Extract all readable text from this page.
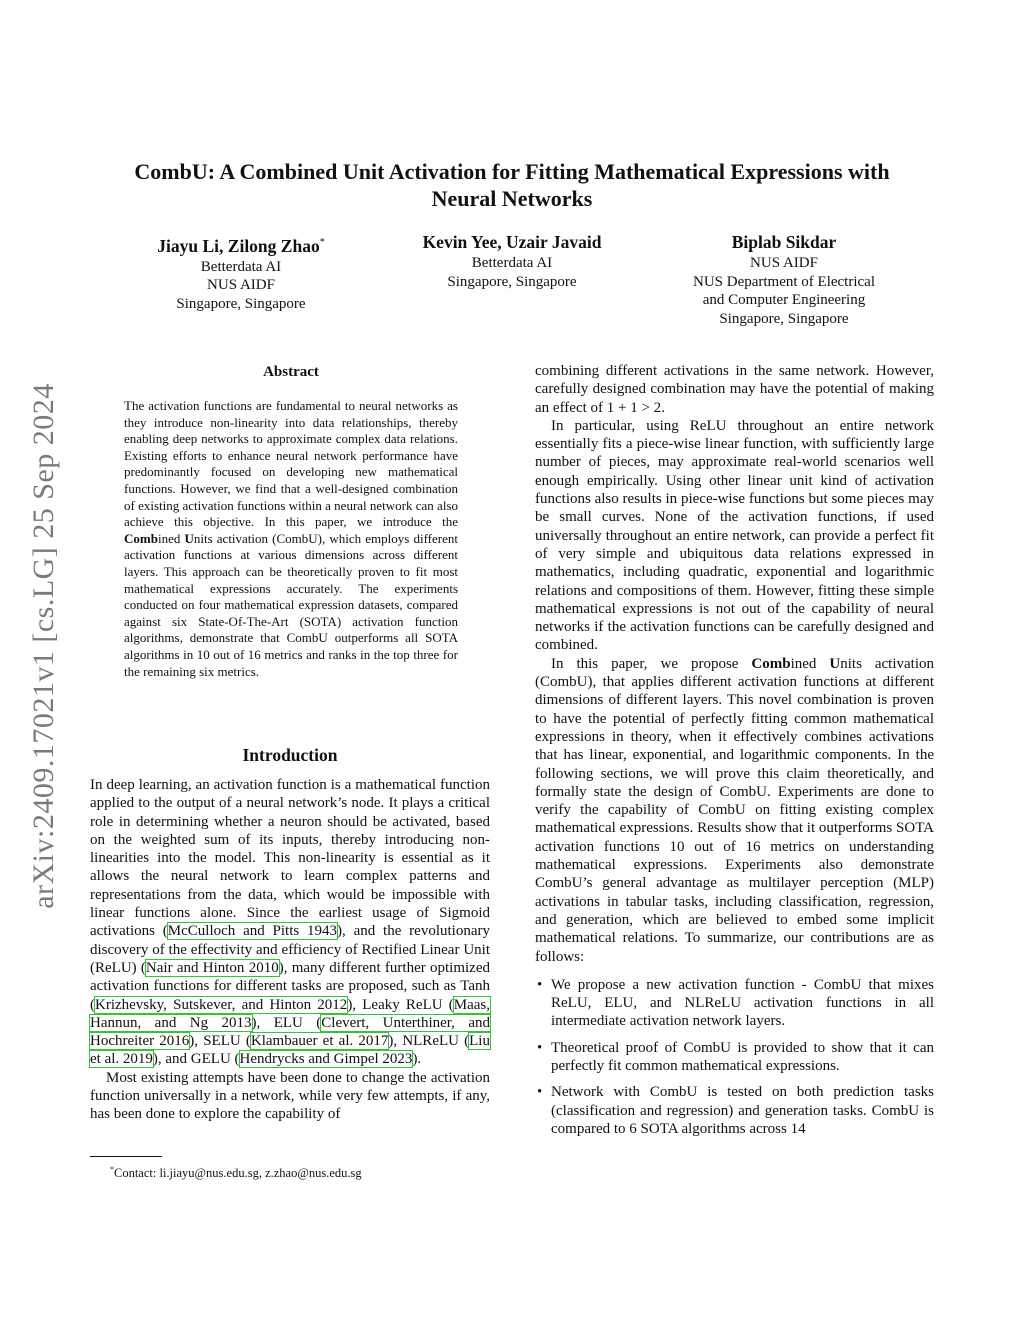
arXiv:2409.17021v1 [cs.LG] 25 Sep 2024
CombU: A Combined Unit Activation for Fitting Mathematical Expressions with
Neural Networks
Jiayu Li, Zilong Zhao*
Betterdata AI
NUS AIDF
Singapore, Singapore
Kevin Yee, Uzair Javaid
Betterdata AI
Singapore, Singapore
Biplab Sikdar
NUS AIDF
NUS Department of Electrical
and Computer Engineering
Singapore, Singapore
Abstract

The activation functions are fundamental to neural networks as they introduce non-linearity into data relationships, thereby enabling deep networks to approximate complex data relations. Existing efforts to enhance neural network performance have predominantly focused on developing new mathematical functions. However, we find that a well-designed combination of existing activation functions within a neural network can also achieve this objective. In this paper, we introduce the Combined Units activation (CombU), which employs different activation functions at various dimensions across different layers. This approach can be theoretically proven to fit most mathematical expressions accurately. The experiments conducted on four mathematical expression datasets, compared against six State-Of-The-Art (SOTA) activation function algorithms, demonstrate that CombU outperforms all SOTA algorithms in 10 out of 16 metrics and ranks in the top three for the remaining six metrics.

Introduction

In deep learning, an activation function is a mathematical function applied to the output of a neural network’s node. It plays a critical role in determining whether a neuron should be activated, based on the weighted sum of its inputs, thereby introducing non-linearities into the model. This non-linearity is essential as it allows the neural network to learn complex patterns and representations from the data, which would be impossible with linear functions alone. Since the earliest usage of Sigmoid activations (McCulloch and Pitts 1943), and the revolutionary discovery of the effectivity and efficiency of Rectified Linear Unit (ReLU) (Nair and Hinton 2010), many different further optimized activation functions for different tasks are proposed, such as Tanh (Krizhevsky, Sutskever, and Hinton 2012), Leaky ReLU (Maas, Hannun, and Ng 2013), ELU (Clevert, Unterthiner, and Hochreiter 2016), SELU (Klambauer et al. 2017), NLReLU (Liu et al. 2019), and GELU (Hendrycks and Gimpel 2023).

Most existing attempts have been done to change the activation function universally in a network, while very few attempts, if any, has been done to explore the capability of

*Contact: li.jiayu@nus.edu.sg, z.zhao@nus.edu.sg

combining different activations in the same network. However, carefully designed combination may have the potential of making an effect of 1 + 1 > 2.

In particular, using ReLU throughout an entire network essentially fits a piece-wise linear function, with sufficiently large number of pieces, may approximate real-world scenarios well enough empirically. Using other linear unit kind of activation functions also results in piece-wise functions but some pieces may be small curves. None of the activation functions, if used universally throughout an entire network, can provide a perfect fit of very simple and ubiquitous data relations expressed in mathematics, including quadratic, exponential and logarithmic relations and compositions of them. However, fitting these simple mathematical expressions is not out of the capability of neural networks if the activation functions can be carefully designed and combined.

In this paper, we propose Combined Units activation (CombU), that applies different activation functions at different dimensions of different layers. This novel combination is proven to have the potential of perfectly fitting common mathematical expressions in theory, when it effectively combines activations that has linear, exponential, and logarithmic components. In the following sections, we will prove this claim theoretically, and formally state the design of CombU. Experiments are done to verify the capability of CombU on fitting existing complex mathematical expressions. Results show that it outperforms SOTA activation functions 10 out of 16 metrics on understanding mathematical expressions. Experiments also demonstrate CombU’s general advantage as multilayer perception (MLP) activations in tabular tasks, including classification, regression, and generation, which are believed to embed some implicit mathematical relations. To summarize, our contributions are as follows:

• We propose a new activation function - CombU that mixes ReLU, ELU, and NLReLU activation functions in all intermediate activation network layers.
• Theoretical proof of CombU is provided to show that it can perfectly fit common mathematical expressions.
• Network with CombU is tested on both prediction tasks (classification and regression) and generation tasks. CombU is compared to 6 SOTA algorithms across 14
